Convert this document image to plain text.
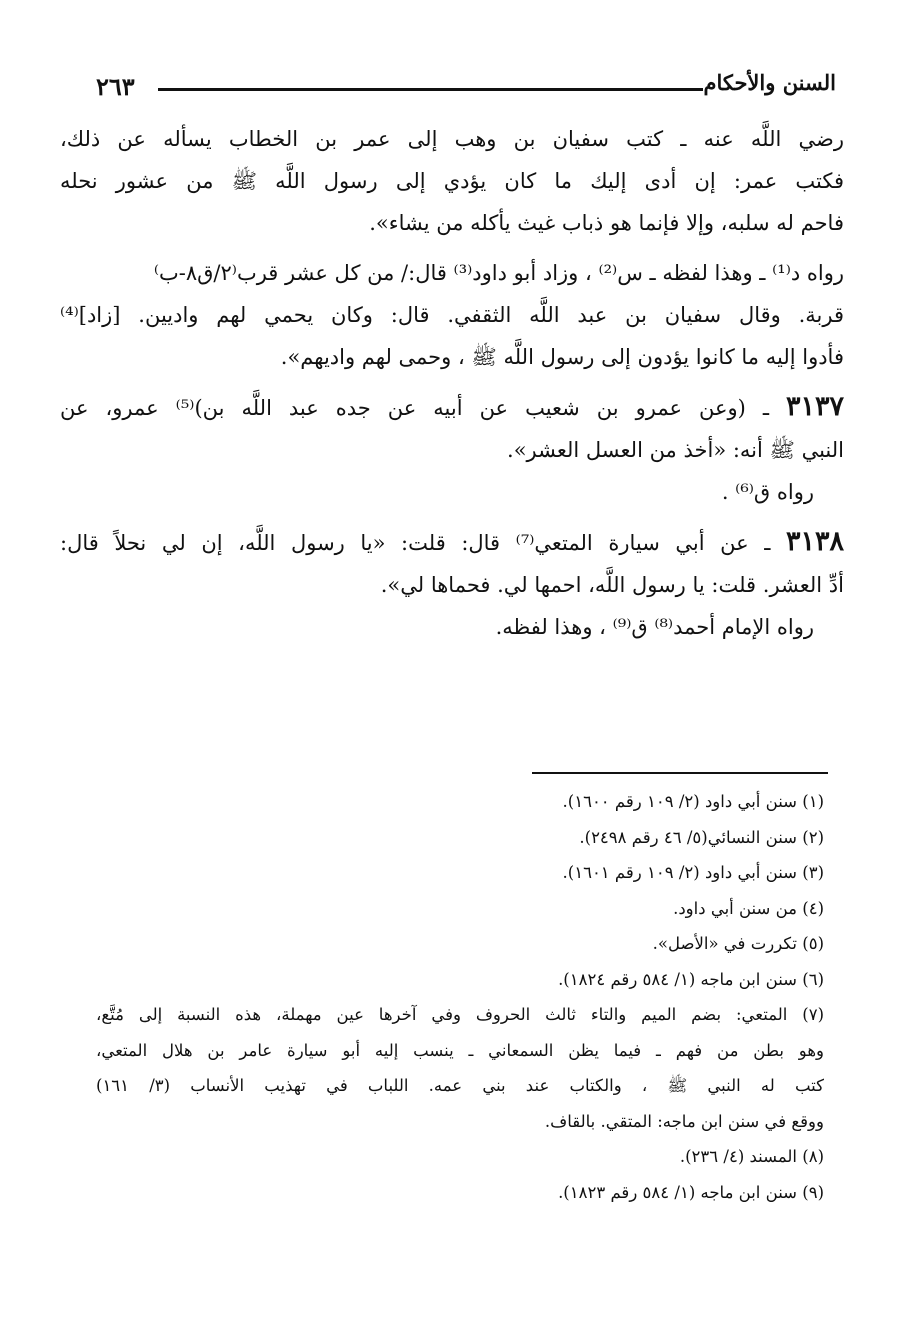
٢٦٣	السنن والأحكام
رضي اللَّه عنه ـ كتب سفيان بن وهب إلى عمر بن الخطاب يسأله عن ذلك،
فكتب عمر: إن أدى إليك ما كان يؤدي إلى رسول اللَّه ﷺ من عشور نحله
فاحم له سلبه، وإلا فإنما هو ذباب غيث يأكله من يشاء».
رواه د⁽¹⁾ ـ وهذا لفظه ـ س⁽²⁾ ، وزاد أبو داود⁽³⁾ قال:/ من كل عشر قرب⁽٢/ق٨-ب⁾
قربة. وقال سفيان بن عبد اللَّه الثقفي. قال: وكان يحمي لهم واديين. [زاد]⁽⁴⁾
فأدوا إليه ما كانوا يؤدون إلى رسول اللَّه ﷺ ، وحمى لهم واديهم».
٣١٣٧ ـ (وعن عمرو بن شعيب عن أبيه عن جده عبد اللَّه بن)⁽⁵⁾ عمرو، عن
النبي ﷺ أنه: «أخذ من العسل العشر».
رواه ق⁽⁶⁾ .
٣١٣٨ ـ عن أبي سيارة المتعي⁽⁷⁾ قال: قلت: «يا رسول اللَّه، إن لي نحلاً قال:
أدِّ العشر. قلت: يا رسول اللَّه، احمها لي. فحماها لي».
رواه الإمام أحمد⁽⁸⁾ ق⁽⁹⁾ ، وهذا لفظه.
(١) سنن أبي داود (٢/ ١٠٩ رقم ١٦٠٠).
(٢) سنن النسائي(٥/ ٤٦ رقم ٢٤٩٨).
(٣) سنن أبي داود (٢/ ١٠٩ رقم ١٦٠١).
(٤) من سنن أبي داود.
(٥) تكررت في «الأصل».
(٦) سنن ابن ماجه (١/ ٥٨٤ رقم ١٨٢٤).
(٧) المتعي: بضم الميم والتاء ثالث الحروف وفي آخرها عين مهملة، هذه النسبة إلى مُتَّع،
وهو بطن من فهم ـ فيما يظن السمعاني ـ ينسب إليه أبو سيارة عامر بن هلال المتعي،
كتب له النبي ﷺ ، والكتاب عند بني عمه. اللباب في تهذيب الأنساب (٣/ ١٦١)
ووقع في سنن ابن ماجه: المتقي. بالقاف.
(٨) المسند (٤/ ٢٣٦).
(٩) سنن ابن ماجه (١/ ٥٨٤ رقم ١٨٢٣).
